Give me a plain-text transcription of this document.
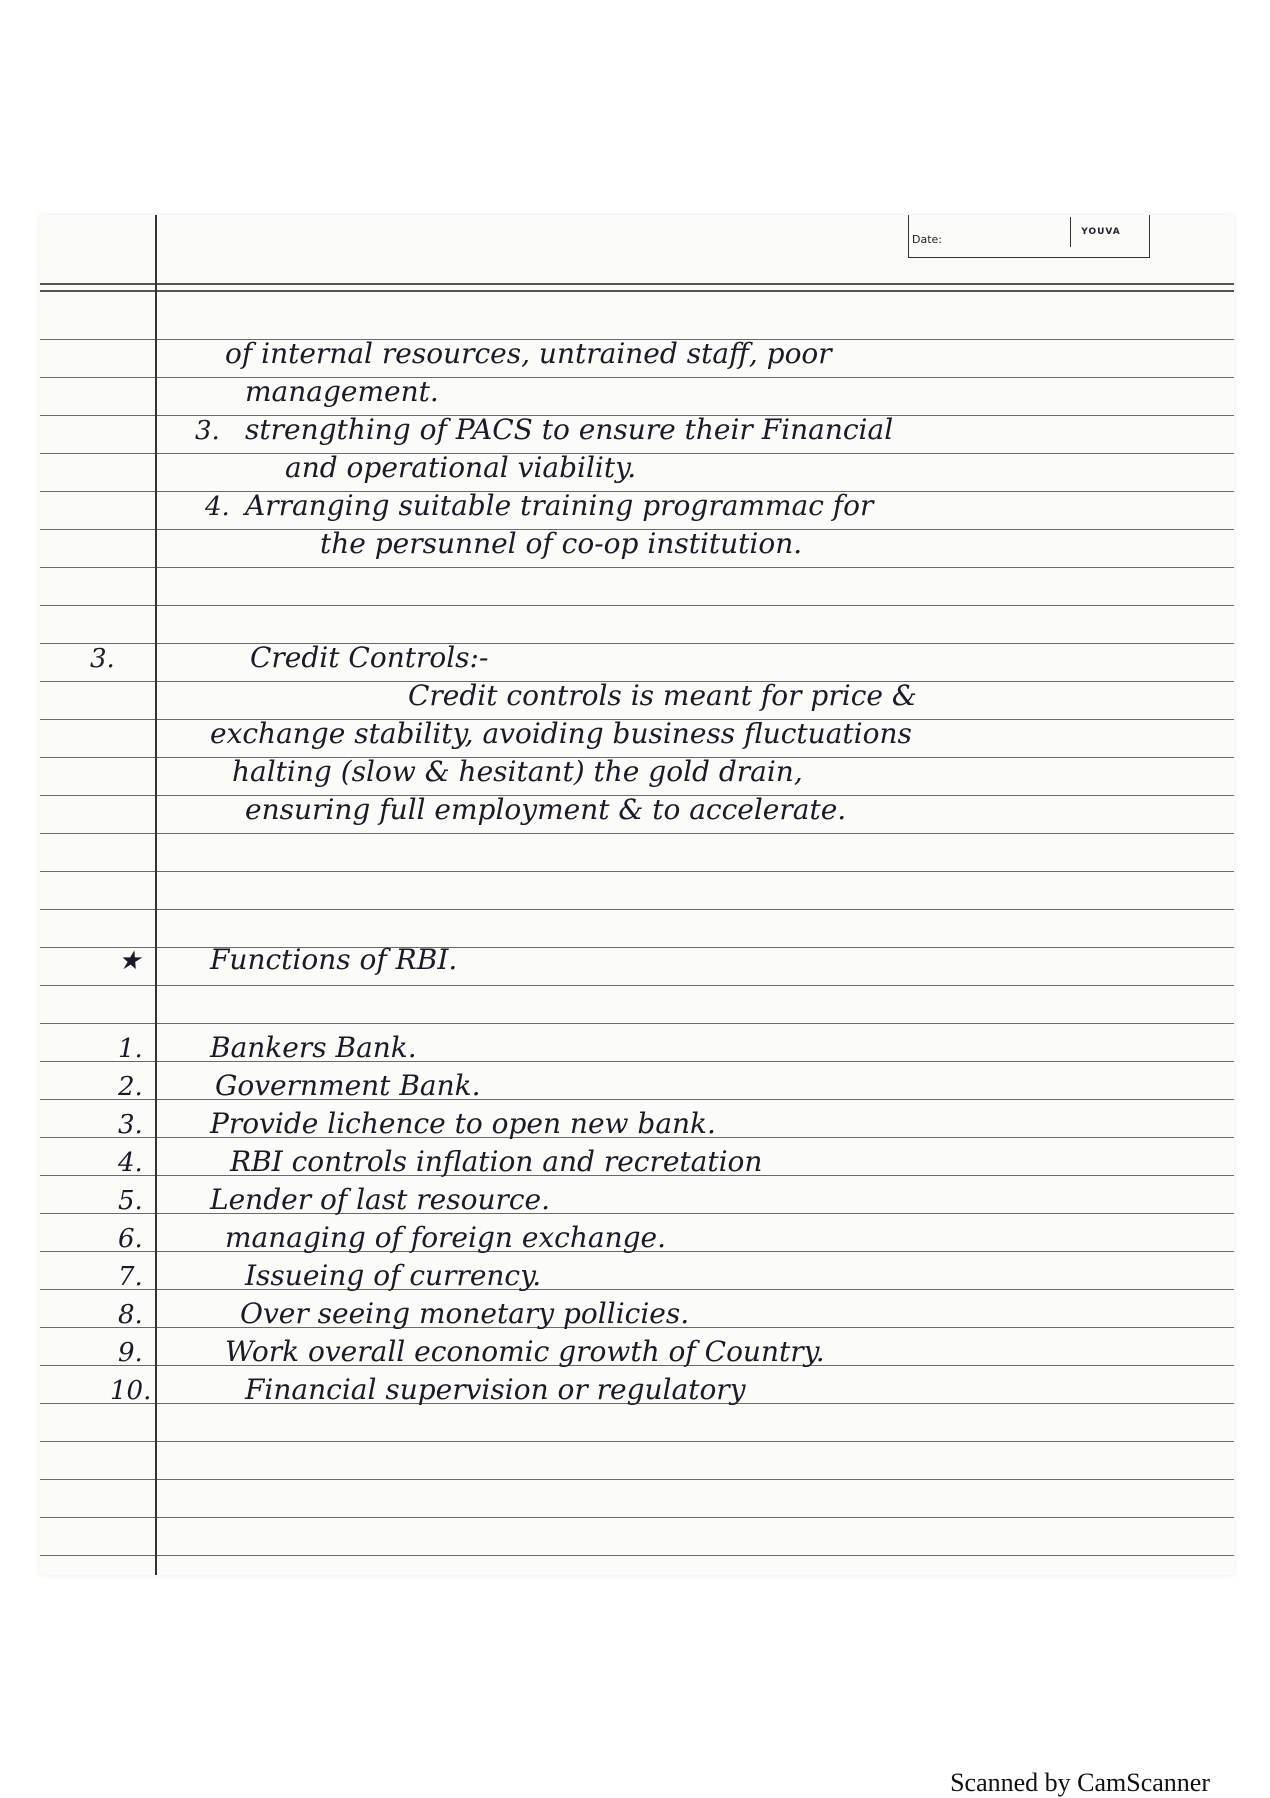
Date:
YOUVA
of internal resources, untrained staff, poor
management.
3. strengthing of PACS to ensure their Financial
and operational viability.
4. Arranging suitable training programmac for
the persunnel of co-op institution.
3.	Credit Controls:-
Credit controls is meant for price &
exchange stability, avoiding business fluctuations
halting (slow & hesitant) the gold drain,
ensuring full employment & to accelerate.
★ Functions of RBI.
1. Bankers Bank.
2.	Government Bank.
3. Provide lichence to open new bank.
4.	RBI controls inflation and recretation
5. Lender of last resource.
6.	managing of foreign exchange.
7.	Issueing of currency.
8.	Over seeing monetary pollicies.
9.	Work overall economic growth of Country.
10.	Financial supervision or regulatory
Scanned by CamScanner
